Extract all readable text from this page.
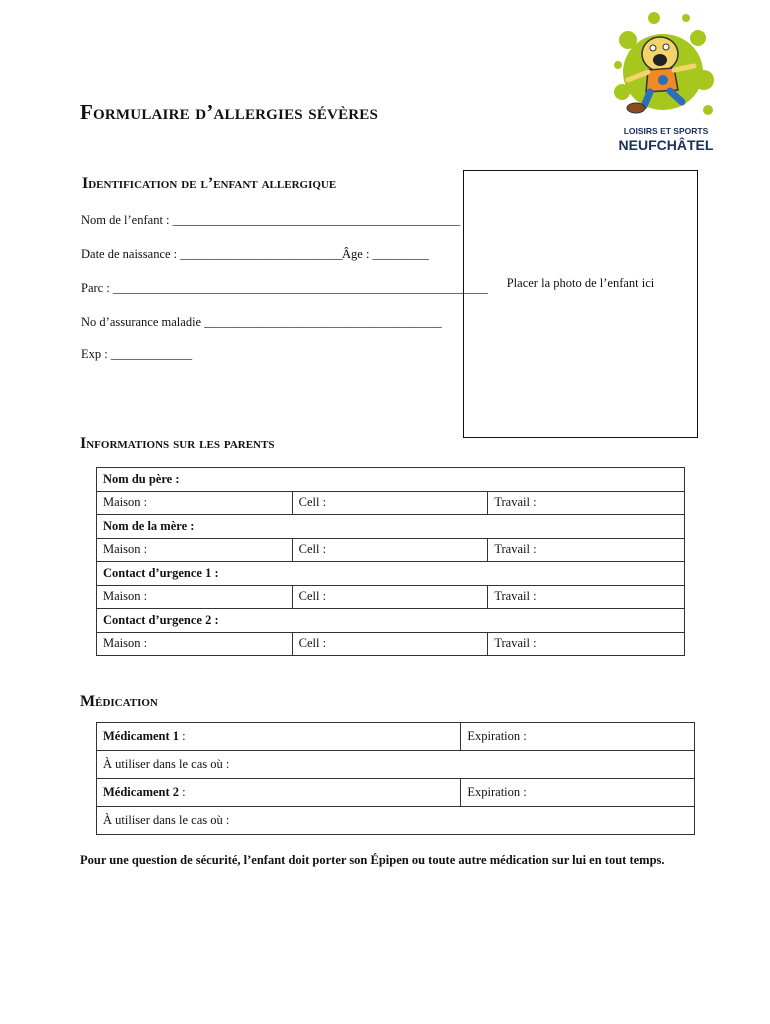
Formulaire d’allergies sévères
LOISIRS ET SPORTS
NEUFCHÂTEL
Identification de l’enfant allergique
Nom de l’enfant : ______________________________________________
Date de naissance : __________________________ Âge : _________
Parc : ____________________________________________________________
No d’assurance maladie ______________________________________
Exp : _____________
Placer la photo de l’enfant ici
Informations sur les parents
Nom du père :		
Maison :	Cell :	Travail :
Nom de la mère :		
Maison :	Cell :	Travail :
Contact d’urgence 1 :		
Maison :	Cell :	Travail :
Contact d’urgence 2 :		
Maison :	Cell :	Travail :
Médication
Médicament 1 :	Expiration :
À utiliser dans le cas où :	
Médicament 2 :	Expiration :
À utiliser dans le cas où :	
Pour une question de sécurité, l’enfant doit porter son Épipen ou toute autre médication sur lui en tout temps.
